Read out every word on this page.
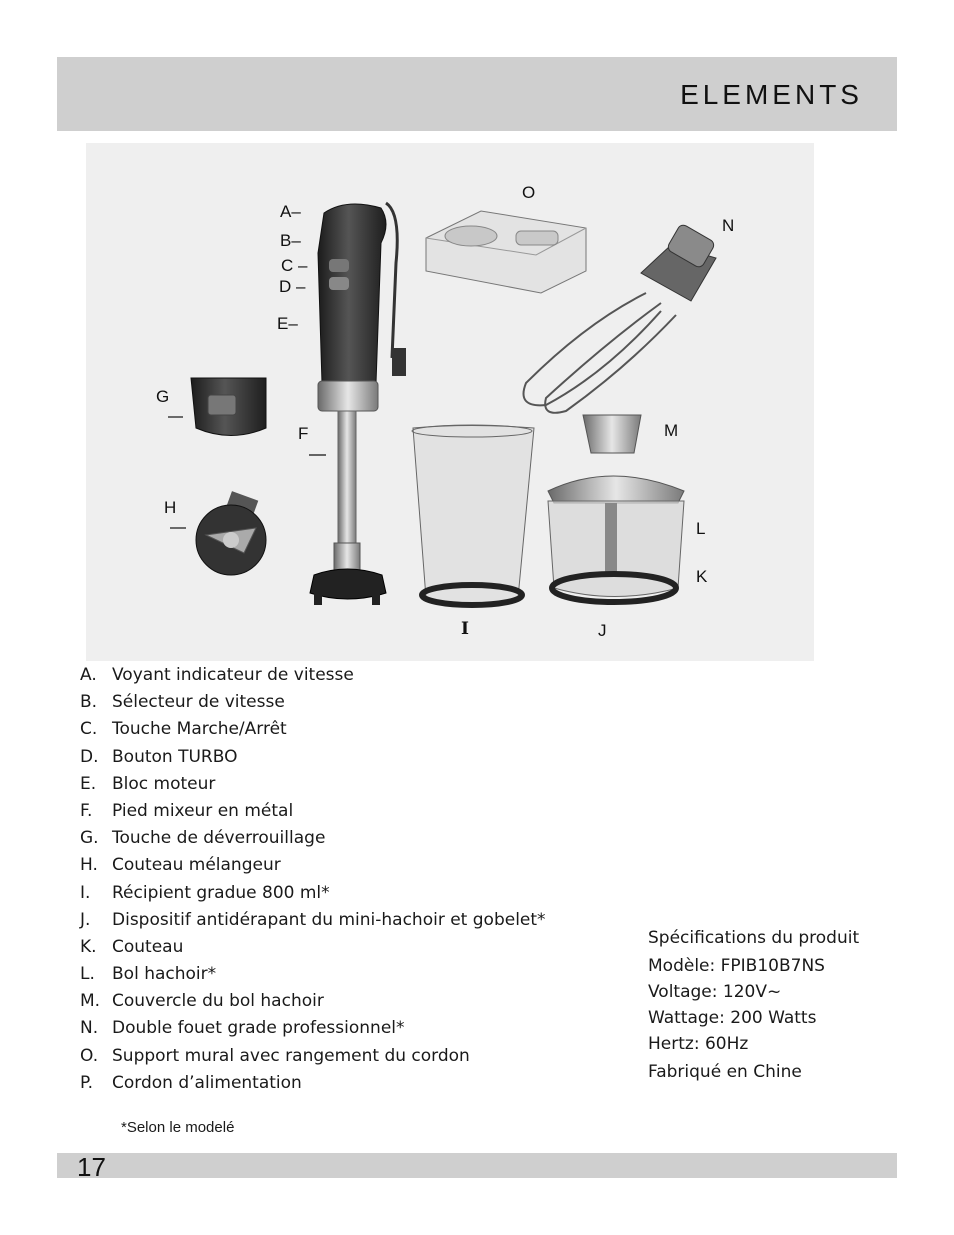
ELEMENTS
A–
B–
C –
D –
E–
F
G
H
I	J
K
L
M
N
O
A. Voyant indicateur de vitesse
B. Sélecteur de vitesse
C. Touche Marche/Arrêt
D. Bouton TURBO
E. Bloc moteur
F. Pied mixeur en métal
G. Touche de déverrouillage
H. Couteau mélangeur
I. Récipient gradue 800 ml*
J. Dispositif antidérapant du mini-hachoir et gobelet*
K. Couteau
L. Bol hachoir*
M. Couvercle du bol hachoir
N. Double fouet grade professionnel*
O. Support mural avec rangement du cordon
P. Cordon d’alimentation
Spécifications du produit
Modèle: FPIB10B7NS
Voltage: 120V~
Wattage: 200 Watts
Hertz: 60Hz
Fabriqué en Chine
*Selon le modelé
17
